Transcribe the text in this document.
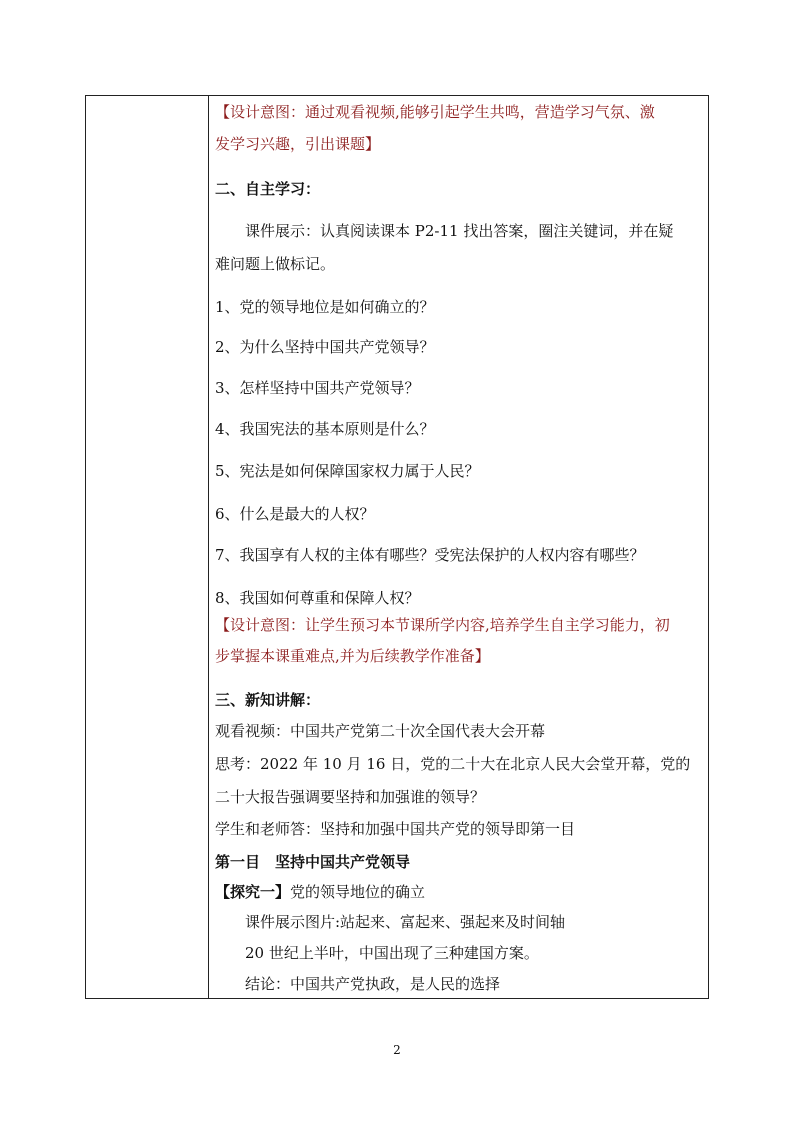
【设计意图：通过观看视频,能够引起学生共鸣，营造学习气氛、激
发学习兴趣，引出课题】
二、自主学习：
课件展示：认真阅读课本 P2-11 找出答案，圈注关键词，并在疑
难问题上做标记。
1、党的领导地位是如何确立的？
2、为什么坚持中国共产党领导？
3、怎样坚持中国共产党领导？
4、我国宪法的基本原则是什么？
5、宪法是如何保障国家权力属于人民？
6、什么是最大的人权？
7、我国享有人权的主体有哪些？受宪法保护的人权内容有哪些？
8、我国如何尊重和保障人权？
【设计意图：让学生预习本节课所学内容,培养学生自主学习能力，初
步掌握本课重难点,并为后续教学作准备】
三、新知讲解：
观看视频：中国共产党第二十次全国代表大会开幕
思考：2022 年 10 月 16 日，党的二十大在北京人民大会堂开幕，党的
二十大报告强调要坚持和加强谁的领导？
学生和老师答：坚持和加强中国共产党的领导即第一目
第一目　坚持中国共产党领导
【探究一】党的领导地位的确立
课件展示图片:站起来、富起来、强起来及时间轴
20 世纪上半叶，中国出现了三种建国方案。
结论：中国共产党执政，是人民的选择
2
